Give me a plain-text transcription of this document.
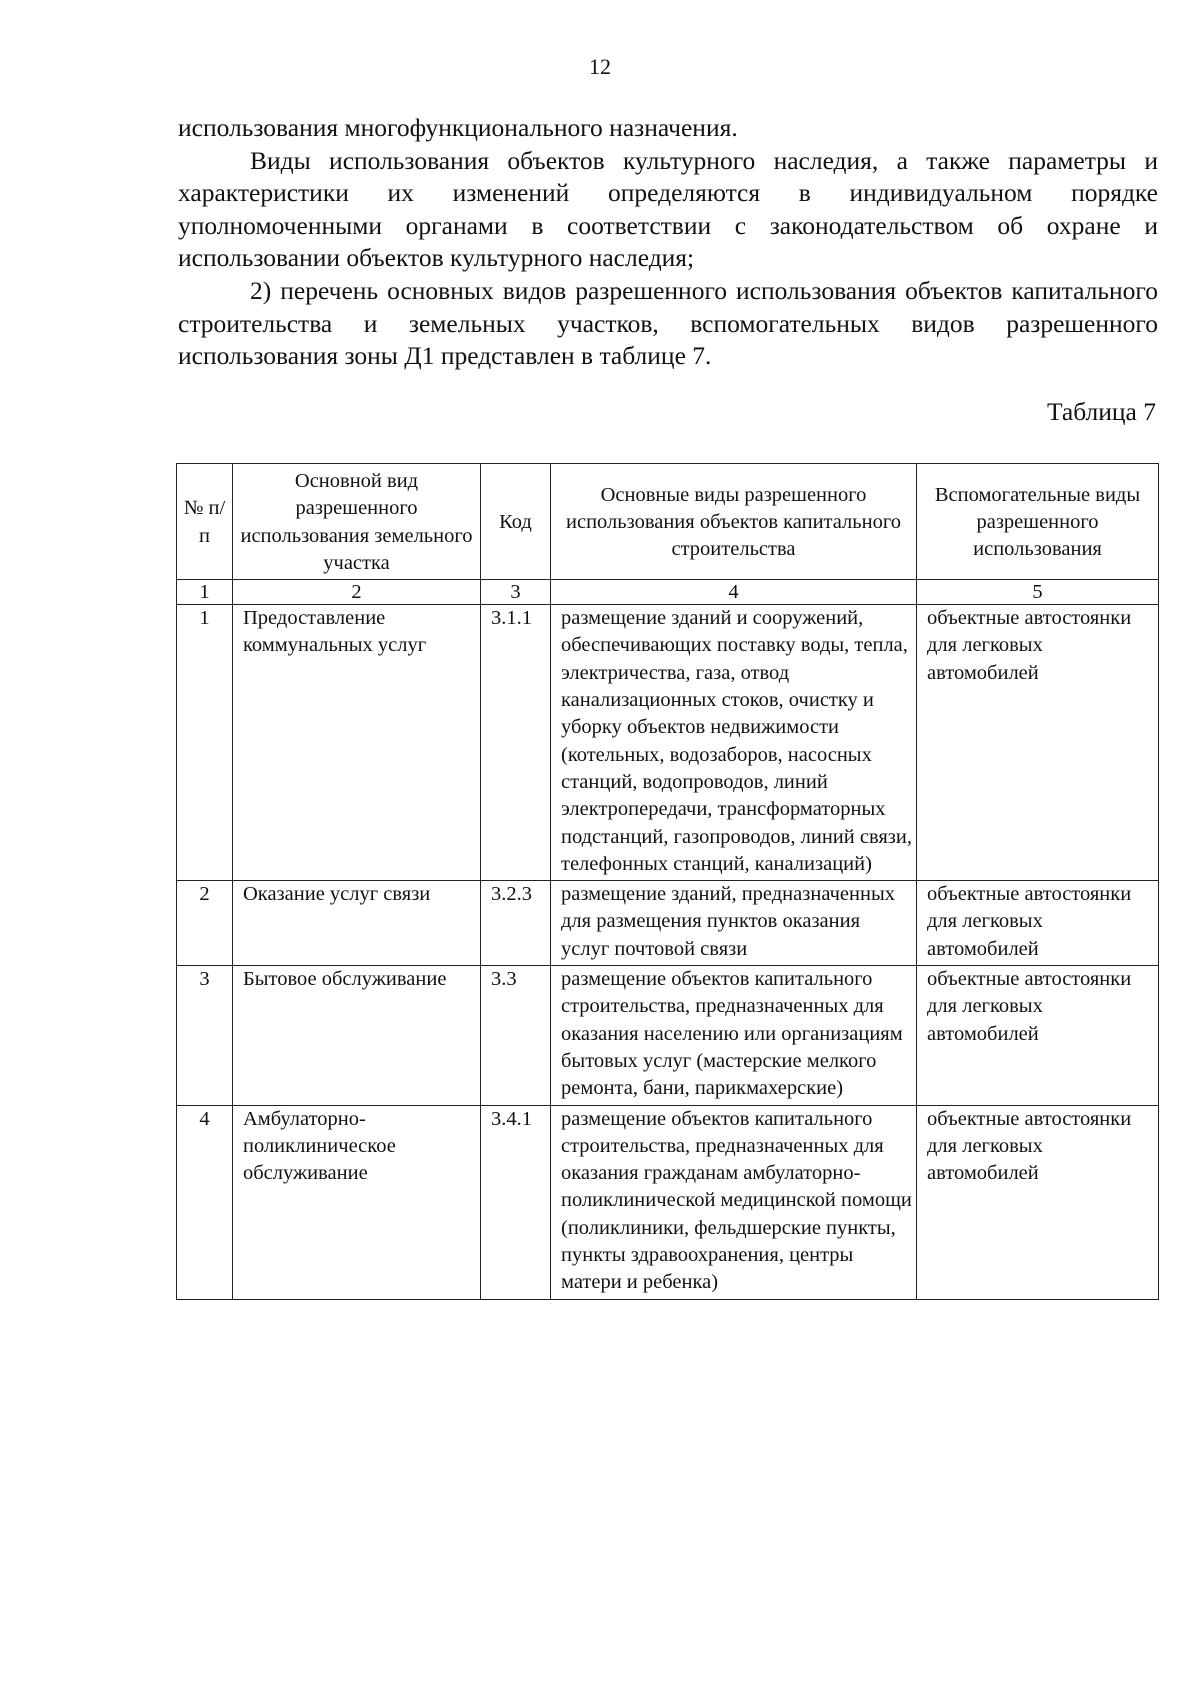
12

использования многофункционального назначения.

Виды использования объектов культурного наследия, а также параметры и характеристики их изменений определяются в индивидуальном порядке уполномоченными органами в соответствии с законодательством об охране и использовании объектов культурного наследия;

2) перечень основных видов разрешенного использования объектов капитального строительства и земельных участков, вспомогательных видов разрешенного использования зоны Д1 представлен в таблице 7.

Таблица 7
№ п/п	Основной вид разрешенного использования земельного участка	Код	Основные виды разрешенного использования объектов капитального строительства	Вспомогательные виды разрешенного использования
1	2	3	4	5
1	Предоставление коммунальных услуг	3.1.1	размещение зданий и сооружений, обеспечивающих поставку воды, тепла, электричества, газа, отвод канализационных стоков, очистку и уборку объектов недвижимости (котельных, водозаборов, насосных станций, водопроводов, линий электропередачи, трансформаторных подстанций, газопроводов, линий связи, телефонных станций, канализаций)	объектные автостоянки для легковых автомобилей
2	Оказание услуг связи	3.2.3	размещение зданий, предназначенных для размещения пунктов оказания услуг почтовой связи	объектные автостоянки для легковых автомобилей
3	Бытовое обслуживание	3.3	размещение объектов капитального строительства, предназначенных для оказания населению или организациям бытовых услуг (мастерские мелкого ремонта, бани, парикмахерские)	объектные автостоянки для легковых автомобилей
4	Амбулаторно-поликлиническое обслуживание	3.4.1	размещение объектов капитального строительства, предназначенных для оказания гражданам амбулаторно-поликлинической медицинской помощи (поликлиники, фельдшерские пункты, пункты здравоохранения, центры матери и ребенка)	объектные автостоянки для легковых автомобилей
